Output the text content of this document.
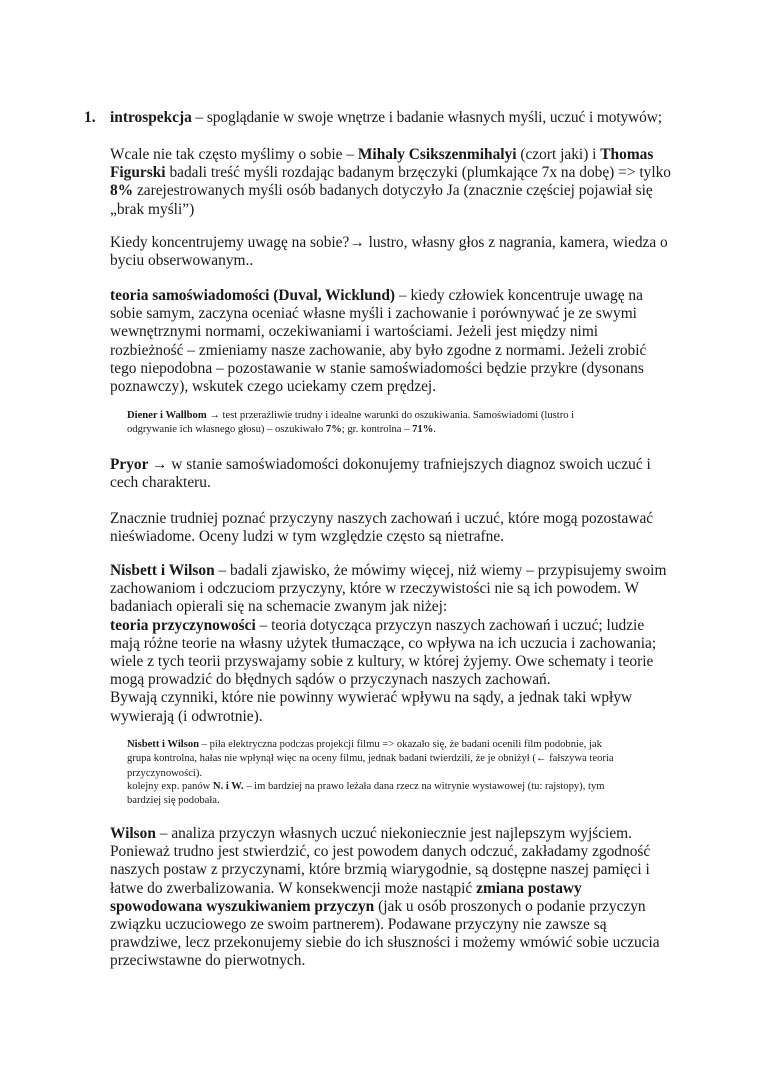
1. introspekcja – spoglądanie w swoje wnętrze i badanie własnych myśli, uczuć i motywów;

Wcale nie tak często myślimy o sobie – Mihaly Csikszenmihalyi (czort jaki) i Thomas
Figurski badali treść myśli rozdając badanym brzęczyki (plumkające 7x na dobę) => tylko
8% zarejestrowanych myśli osób badanych dotyczyło Ja (znacznie częściej pojawiał się
„brak myśli”)

Kiedy koncentrujemy uwagę na sobie?→ lustro, własny głos z nagrania, kamera, wiedza o
byciu obserwowanym..

teoria samoświadomości (Duval, Wicklund) – kiedy człowiek koncentruje uwagę na
sobie samym, zaczyna oceniać własne myśli i zachowanie i porównywać je ze swymi
wewnętrznymi normami, oczekiwaniami i wartościami. Jeżeli jest między nimi
rozbieżność – zmieniamy nasze zachowanie, aby było zgodne z normami. Jeżeli zrobić
tego niepodobna – pozostawanie w stanie samoświadomości będzie przykre (dysonans
poznawczy), wskutek czego uciekamy czem prędzej.

Diener i Wallbom → test przeraźliwie trudny i idealne warunki do oszukiwania. Samoświadomi (lustro i
odgrywanie ich własnego głosu) – oszukiwało 7%; gr. kontrolna – 71%.

Pryor → w stanie samoświadomości dokonujemy trafniejszych diagnoz swoich uczuć i
cech charakteru.

Znacznie trudniej poznać przyczyny naszych zachowań i uczuć, które mogą pozostawać
nieświadome. Oceny ludzi w tym względzie często są nietrafne.

Nisbett i Wilson – badali zjawisko, że mówimy więcej, niż wiemy – przypisujemy swoim
zachowaniom i odczuciom przyczyny, które w rzeczywistości nie są ich powodem. W
badaniach opierali się na schemacie zwanym jak niżej:
teoria przyczynowości – teoria dotycząca przyczyn naszych zachowań i uczuć; ludzie
mają różne teorie na własny użytek tłumaczące, co wpływa na ich uczucia i zachowania;
wiele z tych teorii przyswajamy sobie z kultury, w której żyjemy. Owe schematy i teorie
mogą prowadzić do błędnych sądów o przyczynach naszych zachowań.
Bywają czynniki, które nie powinny wywierać wpływu na sądy, a jednak taki wpływ
wywierają (i odwrotnie).

Nisbett i Wilson – piła elektryczna podczas projekcji filmu => okazało się, że badani ocenili film podobnie, jak
grupa kontrolna, hałas nie wpłynął więc na oceny filmu, jednak badani twierdzili, że je obniżył (← fałszywa teoria
przyczynowości).
kolejny exp. panów N. i W. – im bardziej na prawo leżała dana rzecz na witrynie wystawowej (tu: rajstopy), tym
bardziej się podobała.

Wilson – analiza przyczyn własnych uczuć niekoniecznie jest najlepszym wyjściem.
Ponieważ trudno jest stwierdzić, co jest powodem danych odczuć, zakładamy zgodność
naszych postaw z przyczynami, które brzmią wiarygodnie, są dostępne naszej pamięci i
łatwe do zwerbalizowania. W konsekwencji może nastąpić zmiana postawy
spowodowana wyszukiwaniem przyczyn (jak u osób proszonych o podanie przyczyn
związku uczuciowego ze swoim partnerem). Podawane przyczyny nie zawsze są
prawdziwe, lecz przekonujemy siebie do ich słuszności i możemy wmówić sobie uczucia
przeciwstawne do pierwotnych.
